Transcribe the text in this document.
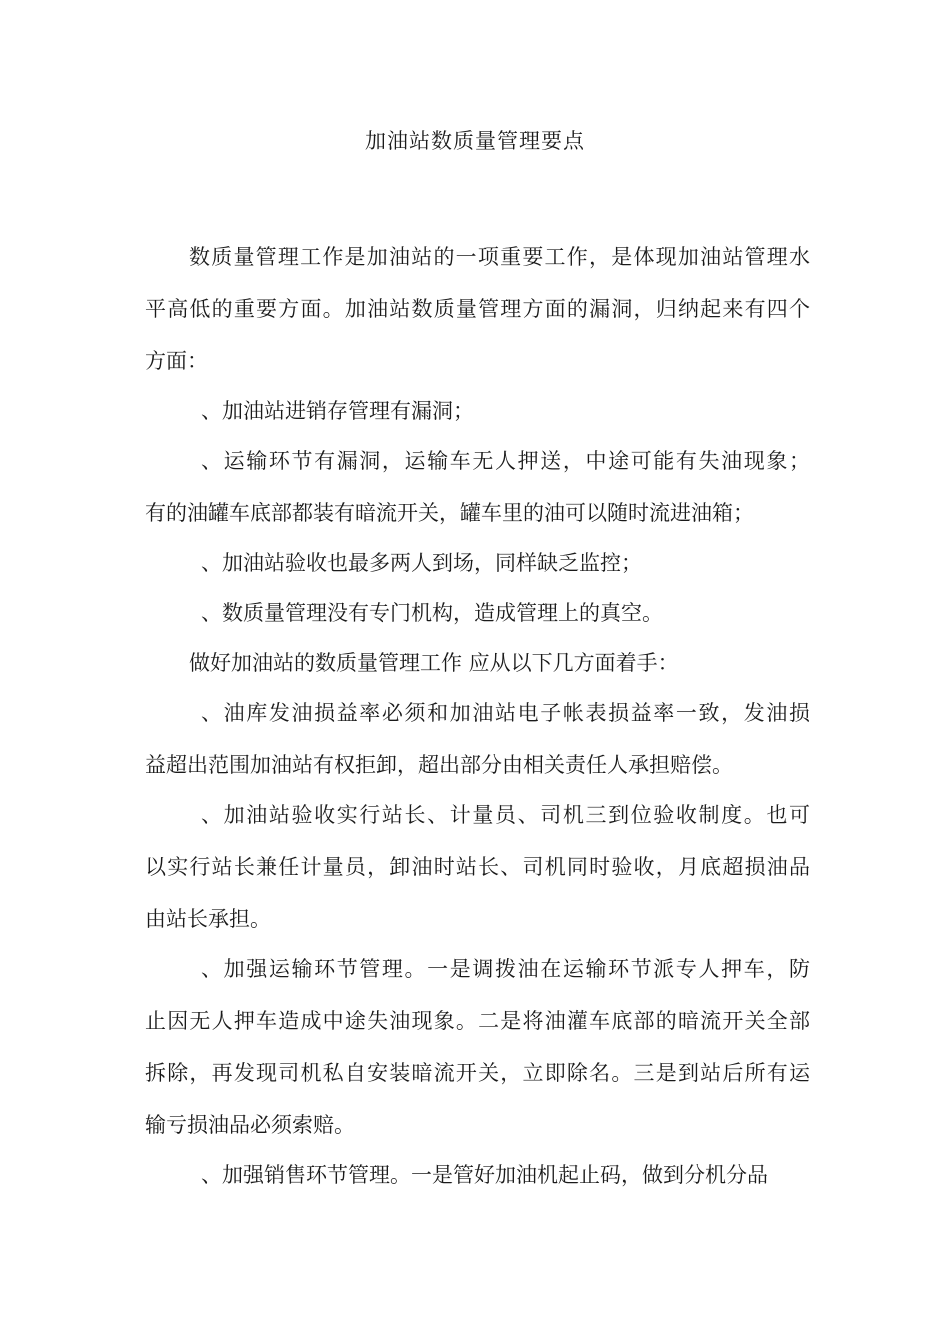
加油站数质量管理要点
数质量管理工作是加油站的一项重要工作，是体现加油站管理水
平高低的重要方面。加油站数质量管理方面的漏洞，归纳起来有四个
方面：
、加油站进销存管理有漏洞；
、运输环节有漏洞，运输车无人押送，中途可能有失油现象；
有的油罐车底部都装有暗流开关，罐车里的油可以随时流进油箱；
、加油站验收也最多两人到场，同样缺乏监控；
、数质量管理没有专门机构，造成管理上的真空。
做好加油站的数质量管理工作 应从以下几方面着手：
、油库发油损益率必须和加油站电子帐表损益率一致，发油损
益超出范围加油站有权拒卸，超出部分由相关责任人承担赔偿。
、加油站验收实行站长、计量员、司机三到位验收制度。也可
以实行站长兼任计量员，卸油时站长、司机同时验收，月底超损油品
由站长承担。
、加强运输环节管理。一是调拨油在运输环节派专人押车，防
止因无人押车造成中途失油现象。二是将油灌车底部的暗流开关全部
拆除，再发现司机私自安装暗流开关，立即除名。三是到站后所有运
输亏损油品必须索赔。
、加强销售环节管理。一是管好加油机起止码，做到分机分品
